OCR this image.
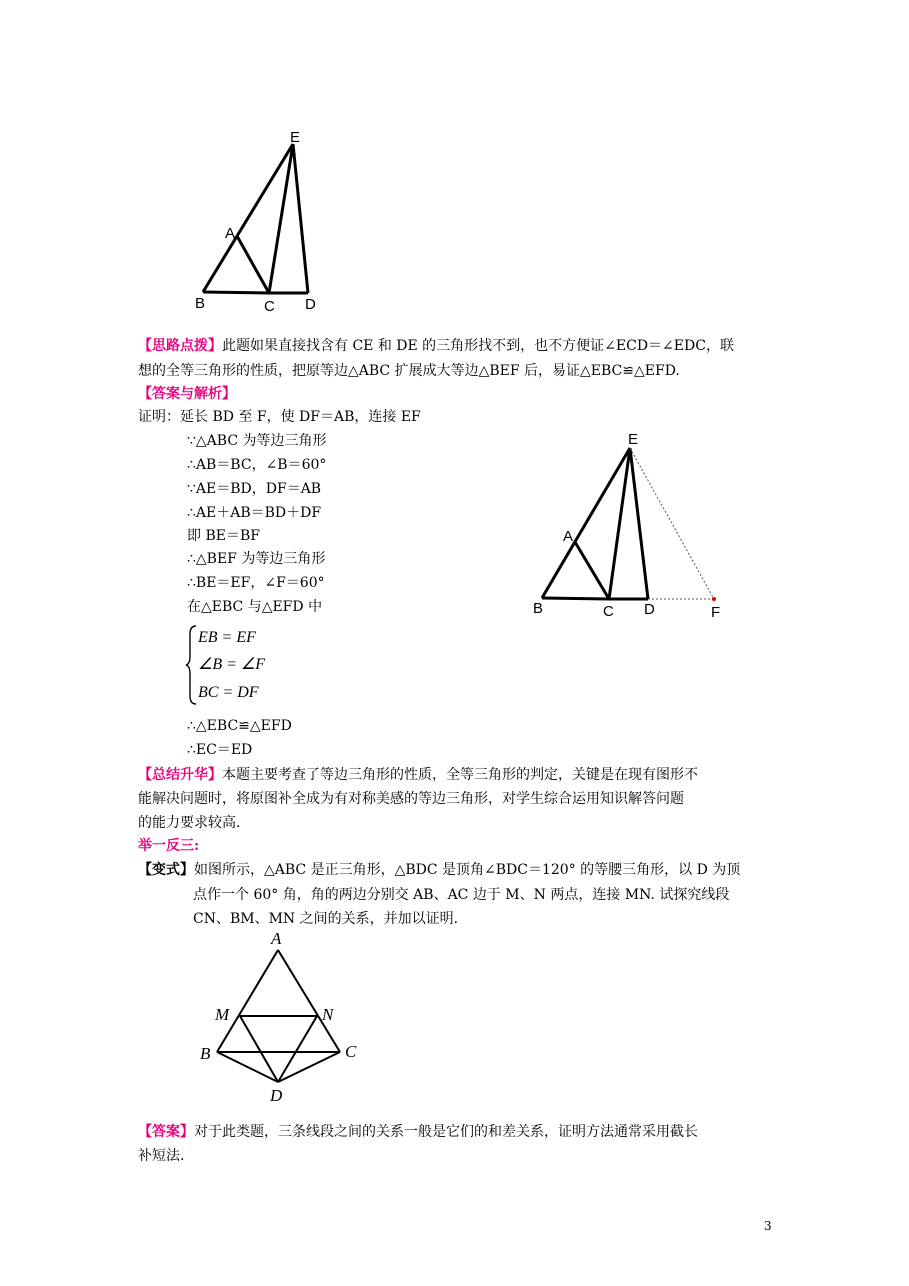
E
A
B	C D
【思路点拨】此题如果直接找含有 CE 和 DE 的三角形找不到，也不方便证∠ECD＝∠EDC，联
想的全等三角形的性质，把原等边△ABC 扩展成大等边△BEF 后，易证△EBC≌△EFD.
【答案与解析】
证明：延长 BD 至 F，使 DF＝AB，连接 EF
∵△ABC 为等边三角形
∴AB＝BC，∠B＝60°
∵AE＝BD，DF＝AB
∴AE＋AB＝BD＋DF
即 BE＝BF
∴△BEF 为等边三角形
∴BE＝EF，∠F＝60°
在△EBC 与△EFD 中
EB = EF
∠B = ∠F
BC = DF
∴△EBC≌△EFD
∴EC＝ED
E
A
B	C D	F
【总结升华】本题主要考查了等边三角形的性质，全等三角形的判定，关键是在现有图形不
能解决问题时，将原图补全成为有对称美感的等边三角形，对学生综合运用知识解答问题
的能力要求较高.
举一反三:
【变式】如图所示，△ABC 是正三角形，△BDC 是顶角∠BDC＝120° 的等腰三角形，以 D 为顶
点作一个 60° 角，角的两边分别交 AB、AC 边于 M、N 两点，连接 MN. 试探究线段
CN、BM、MN 之间的关系，并加以证明.
A
M	N
B	C
D
【答案】对于此类题，三条线段之间的关系一般是它们的和差关系，证明方法通常采用截长
补短法.
3
